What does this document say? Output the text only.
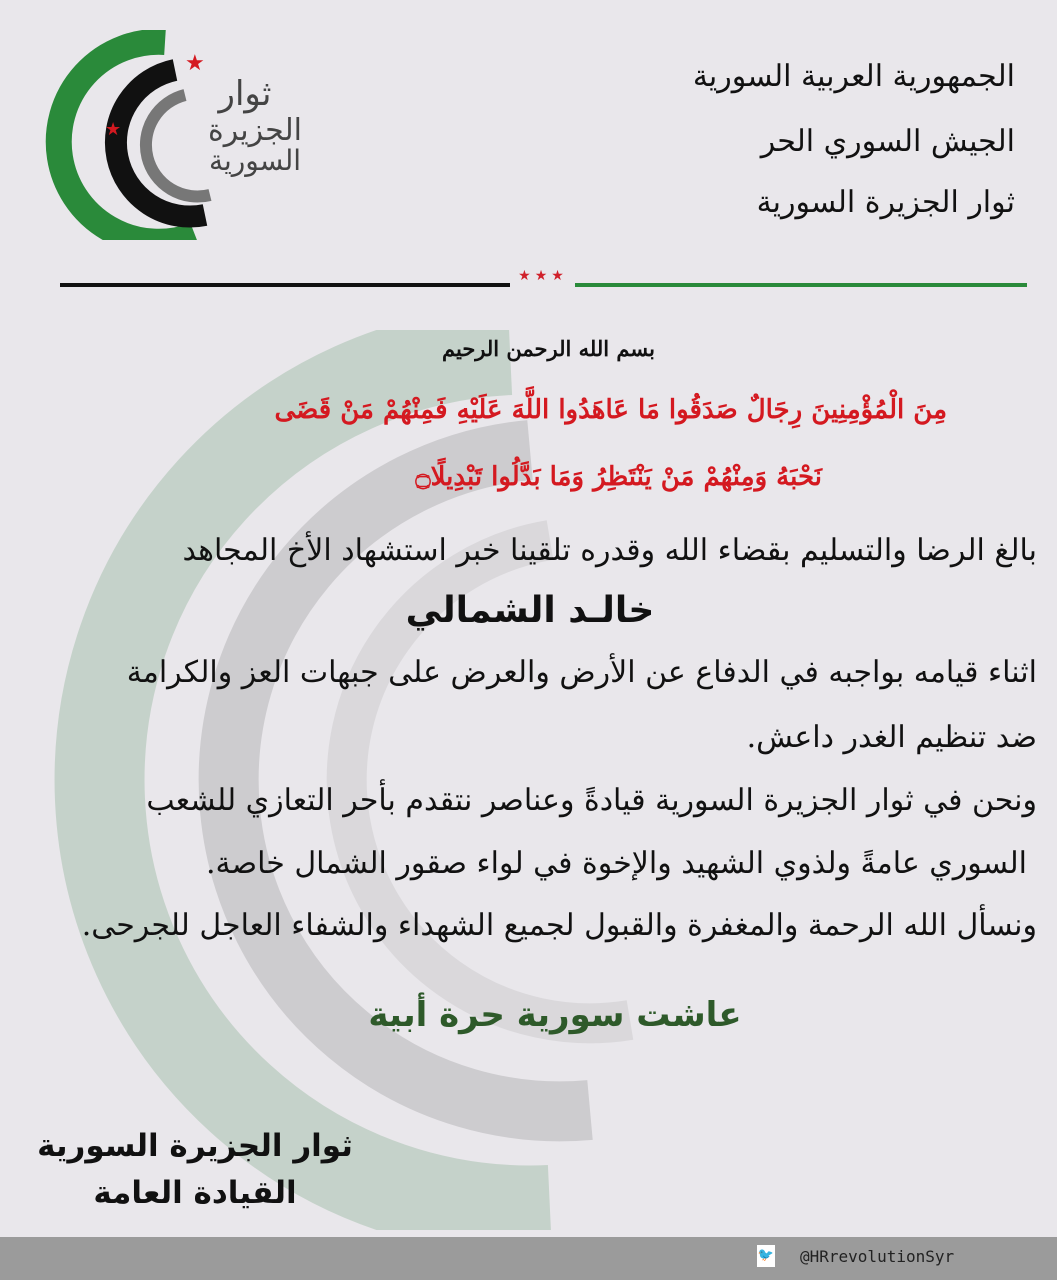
★
★
ثوار
الجزيرة
السورية
الجمهورية العربية السورية
الجيش السوري الحر
ثوار الجزيرة السورية
★★★
بسم الله الرحمن الرحيم
مِنَ الْمُؤْمِنِينَ رِجَالٌ صَدَقُوا مَا عَاهَدُوا اللَّهَ عَلَيْهِ فَمِنْهُمْ مَنْ قَضَى
نَحْبَهُ وَمِنْهُمْ مَنْ يَنْتَظِرُ وَمَا بَدَّلُوا تَبْدِيلًا۝
بالغ الرضا والتسليم بقضاء الله وقدره تلقينا خبر استشهاد الأخ المجاهد
خالـد الشمالي
اثناء قيامه بواجبه في الدفاع عن الأرض والعرض على جبهات العز والكرامة
ضد تنظيم الغدر داعش.
ونحن في ثوار الجزيرة السورية قيادةً وعناصر نتقدم بأحر التعازي للشعب
السوري عامةً ولذوي الشهيد والإخوة في لواء صقور الشمال خاصة.
ونسأل الله الرحمة والمغفرة والقبول لجميع الشهداء والشفاء العاجل للجرحى.
عاشت سورية حرة أبية
ثوار الجزيرة السورية
القيادة العامة
🐦 @HRrevolutionSyr
